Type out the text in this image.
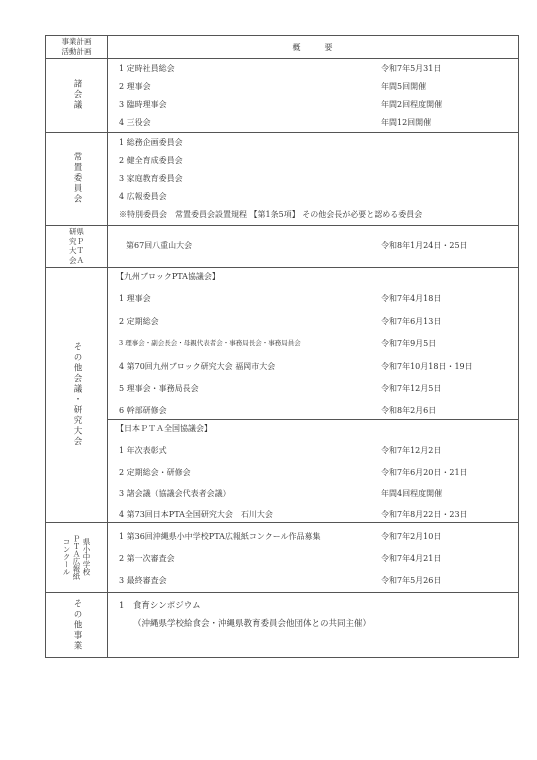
事業計画
活動計画	概　　　要
諸会議
1 定時社員総会	令和7年5月31日
2 理事会	年間5回開催
3 臨時理事会	年間2回程度開催
4 三役会	年間12回開催
常置委員会
1 総務企画委員会
2 健全育成委員会
3 家庭教育委員会
4 広報委員会
※特別委員会　常置委員会設置規程 【第1条5項】 その他会長が必要と認める委員会
研県
究Ｐ
大Ｔ
会Ａ
第67回八重山大会	令和8年1月24日・25日
その他会議・研究大会
【九州ブロックPTA協議会】
1 理事会	令和7年4月18日
2 定期総会	令和7年6月13日
3 理事会・副会長会・母親代表者会・事務局長会・事務局員会	令和7年9月5日
4 第70回九州ブロック研究大会 福岡市大会	令和7年10月18日・19日
5 理事会・事務局長会	令和7年12月5日
6 幹部研修会	令和8年2月6日
【日本ＰＴＡ全国協議会】
1 年次表彰式	令和7年12月2日
2 定期総会・研修会	令和7年6月20日・21日
3 諸会議（協議会代表者会議）	年間4回程度開催
4 第73回日本PTA全国研究大会　石川大会	令和7年8月22日・23日
県小中学校
ＰＴＡ広報紙
コンクール
1 第36回沖縄県小中学校PTA広報紙コンクール作品募集	令和7年2月10日
2 第一次審査会	令和7年4月21日
3 最終審査会	令和7年5月26日
その他事業	1　食育シンポジウム
（沖縄県学校給食会・沖縄県教育委員会他団体との共同主催）
